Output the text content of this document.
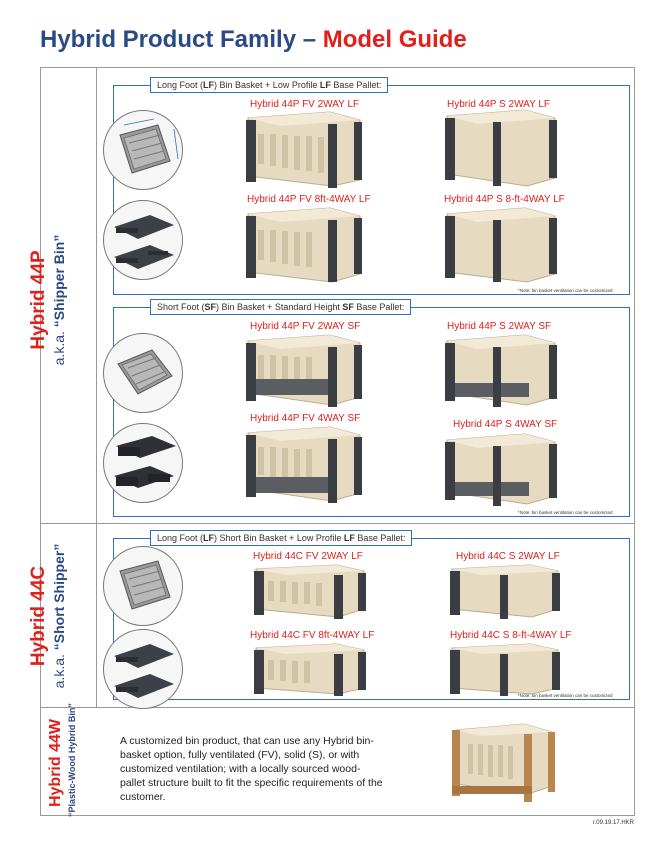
Hybrid Product Family – Model Guide
Hybrid 44P a.k.a. “Shipper Bin”
Hybrid 44C
a.k.a. “Short Shipper”
Hybrid 44W “Plastic-Wood Hybrid Bin”
Long Foot (LF) Bin Basket + Low Profile LF Base Pallet:
Short Foot (SF) Bin Basket + Standard Height SF Base Pallet:
Long Foot (LF) Short Bin Basket + Low Profile LF Base Pallet:
Hybrid 44P FV 2WAY LF	Hybrid 44P S 2WAY LF
Hybrid 44P FV 8ft-4WAY LF	Hybrid 44P S 8-ft-4WAY LF
Hybrid 44P FV 2WAY SF	Hybrid 44P S 2WAY SF
Hybrid 44P FV 4WAY SF
Hybrid 44P S 4WAY SF
Hybrid 44C FV 2WAY LF	Hybrid 44C S 2WAY LF
Hybrid 44C FV 8ft-4WAY LF	Hybrid 44C S 8-ft-4WAY LF
*Note: bin basket ventilation can be customized
*Note: bin basket ventilation can be customized
*Note: bin basket ventilation can be customized
A customized bin product, that can use any Hybrid bin-basket option, fully ventilated (FV), solid (S), or with customized ventilation; with a locally sourced wood-pallet structure built to fit the specific requirements of the customer.
r.09.19.17.HKR
